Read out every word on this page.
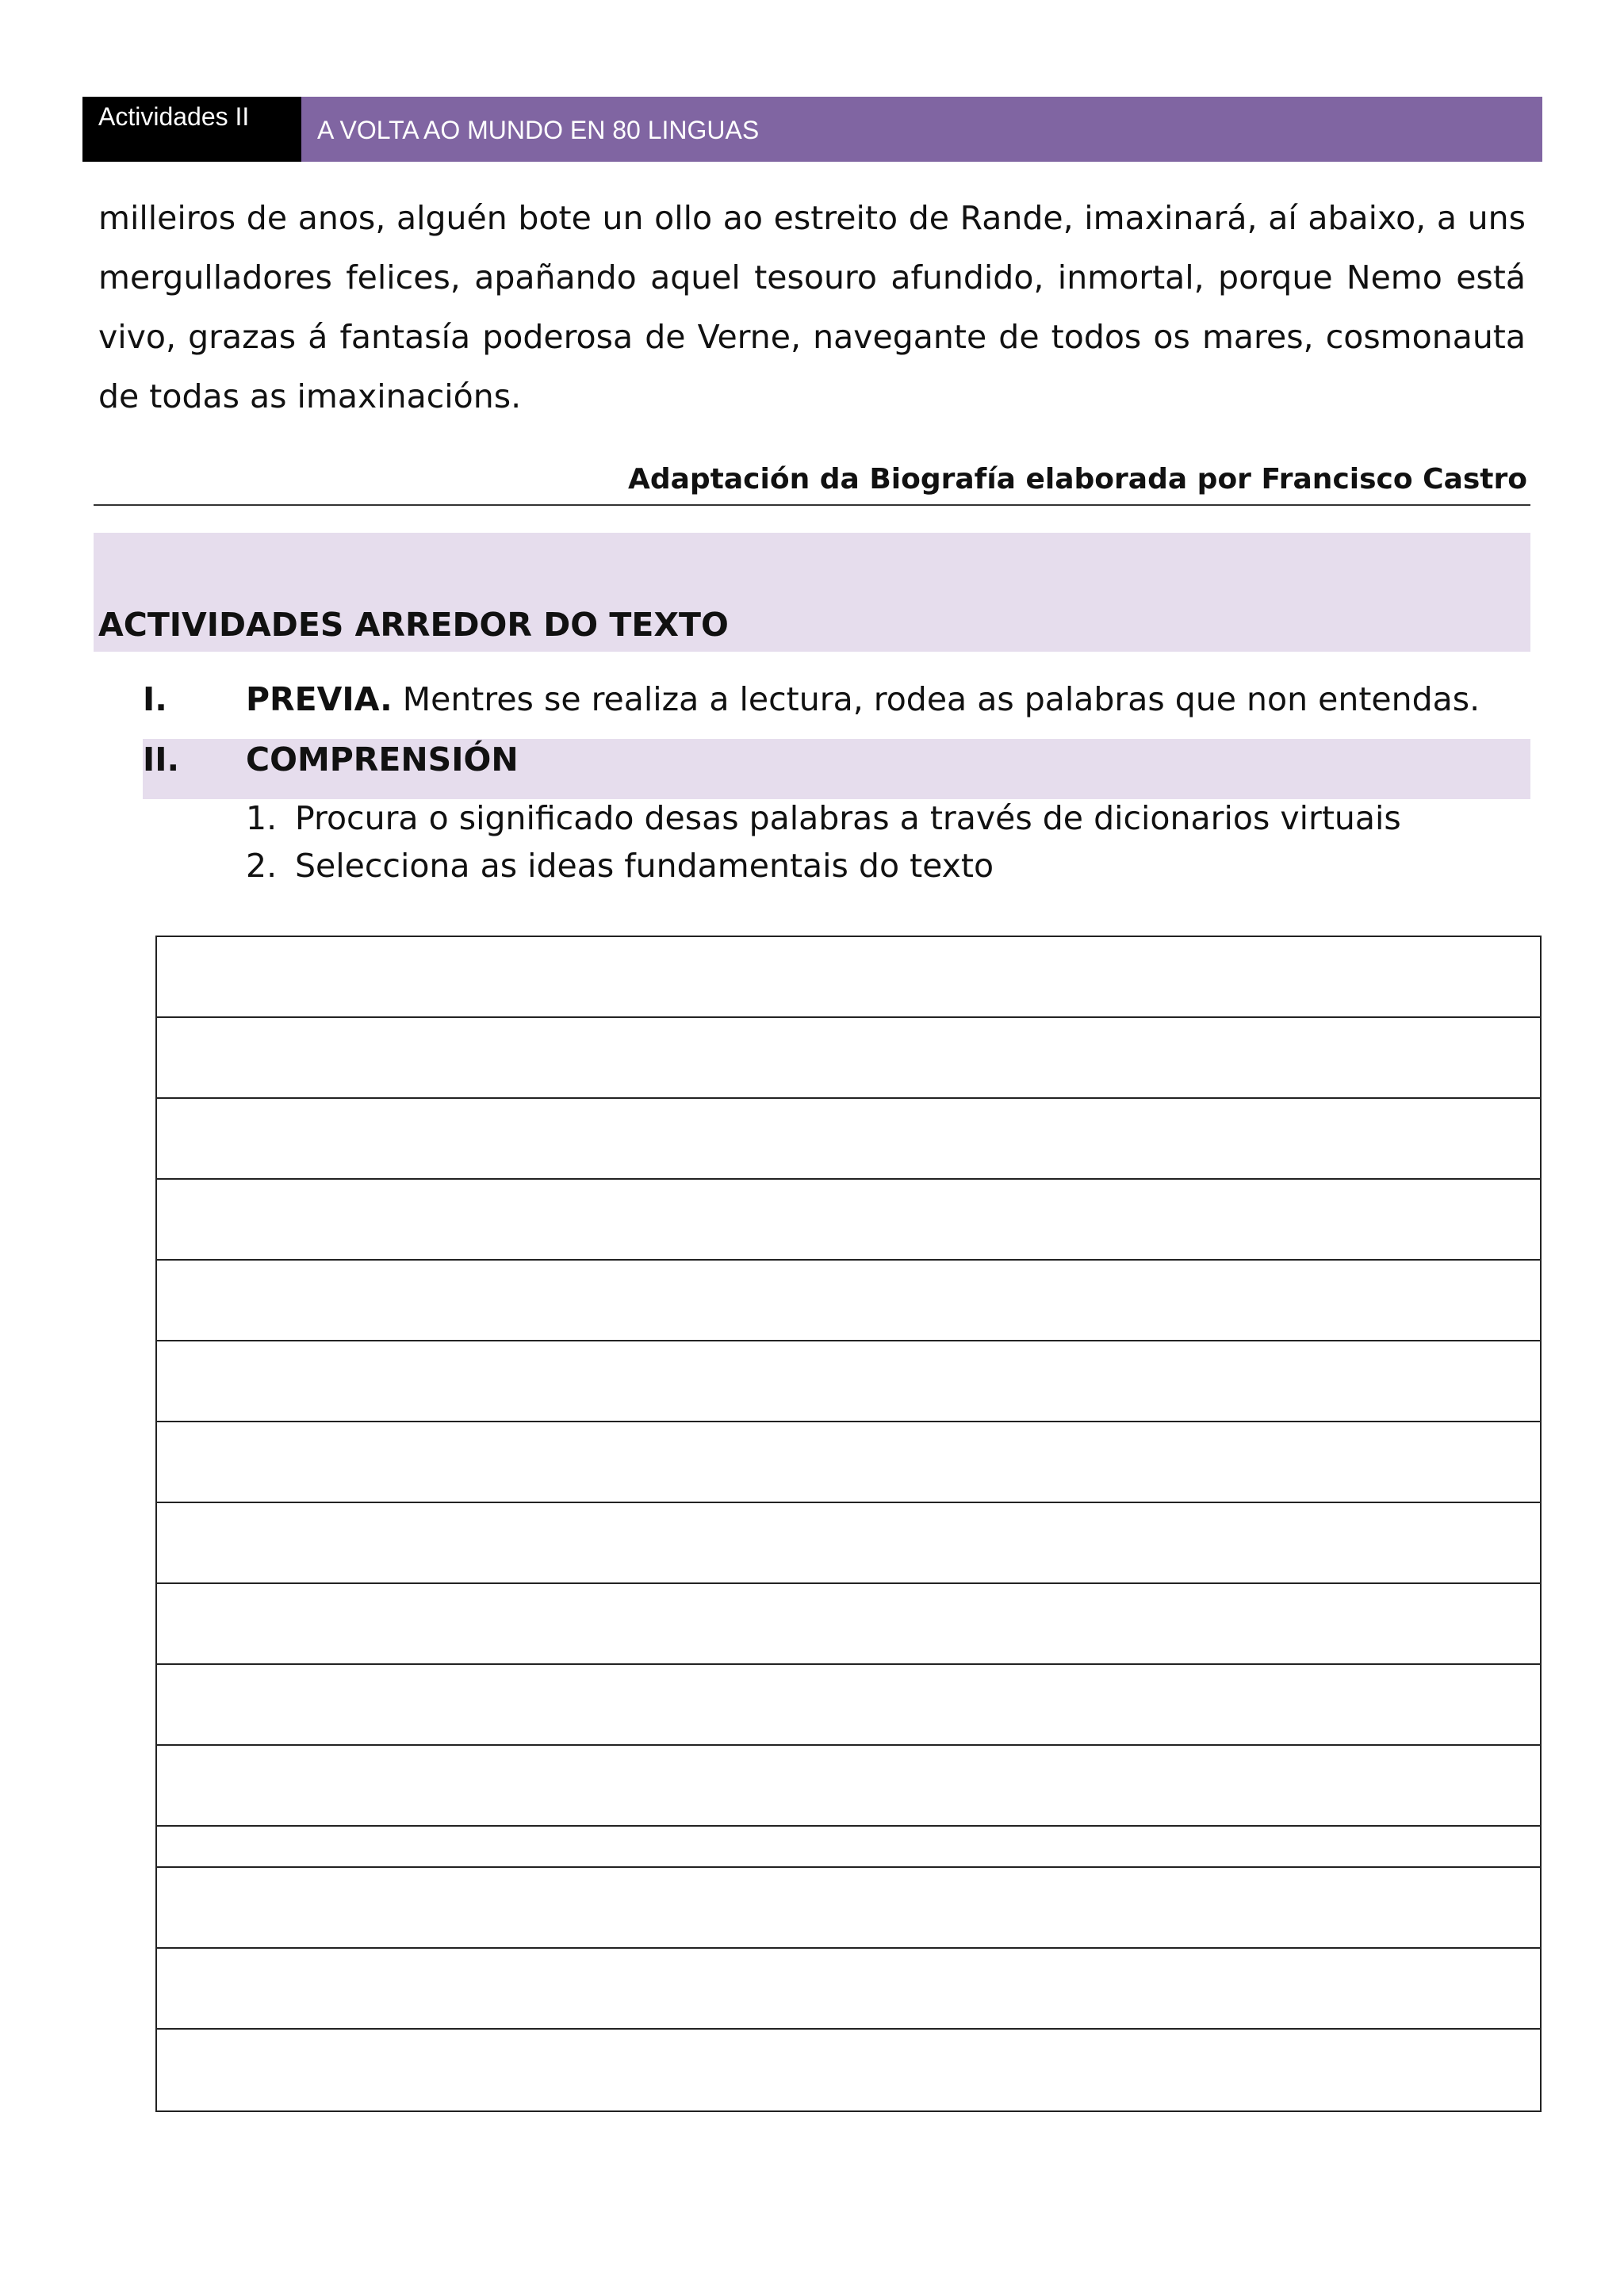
Actividades II	A VOLTA AO MUNDO EN 80 LINGUAS

milleiros de anos, alguén bote un ollo ao estreito de Rande, imaxinará, aí abaixo, a uns mergulladores felices, apañando aquel tesouro afundido, inmortal, porque Nemo está vivo, grazas á fantasía poderosa de Verne, navegante de todos os mares, cosmonauta de todas as imaxinacións.

Adaptación da Biografía elaborada por Francisco Castro
ACTIVIDADES ARREDOR DO TEXTO
I. PREVIA. Mentres se realiza a lectura, rodea as palabras que non entendas.
II. COMPRENSIÓN
1. Procura o significado desas palabras a través de dicionarios virtuais
2. Selecciona as ideas fundamentais do texto
